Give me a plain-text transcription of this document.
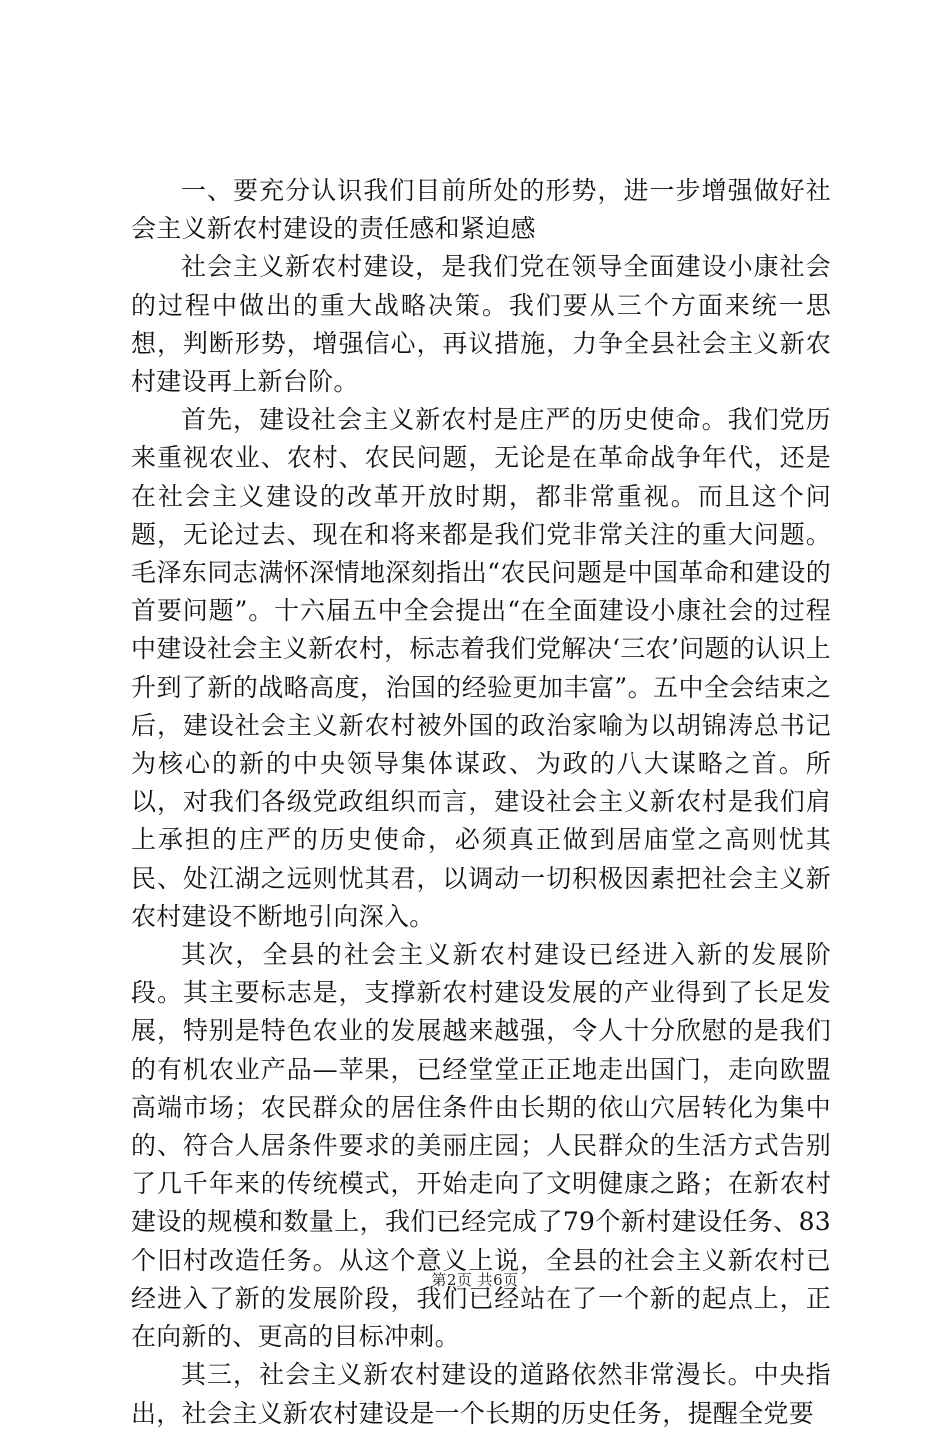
一、要充分认识我们目前所处的形势，进一步增强做好社会主义新农村建设的责任感和紧迫感

社会主义新农村建设，是我们党在领导全面建设小康社会的过程中做出的重大战略决策。我们要从三个方面来统一思想，判断形势，增强信心，再议措施，力争全县社会主义新农村建设再上新台阶。

首先，建设社会主义新农村是庄严的历史使命。我们党历来重视农业、农村、农民问题，无论是在革命战争年代，还是在社会主义建设的改革开放时期，都非常重视。而且这个问题，无论过去、现在和将来都是我们党非常关注的重大问题。毛泽东同志满怀深情地深刻指出“农民问题是中国革命和建设的首要问题”。十六届五中全会提出“在全面建设小康社会的过程中建设社会主义新农村，标志着我们党解决‘三农’问题的认识上升到了新的战略高度，治国的经验更加丰富”。五中全会结束之后，建设社会主义新农村被外国的政治家喻为以胡锦涛总书记为核心的新的中央领导集体谋政、为政的八大谋略之首。所以，对我们各级党政组织而言，建设社会主义新农村是我们肩上承担的庄严的历史使命，必须真正做到居庙堂之高则忧其民、处江湖之远则忧其君，以调动一切积极因素把社会主义新农村建设不断地引向深入。

其次，全县的社会主义新农村建设已经进入新的发展阶段。其主要标志是，支撑新农村建设发展的产业得到了长足发展，特别是特色农业的发展越来越强，令人十分欣慰的是我们的有机农业产品—苹果，已经堂堂正正地走出国门，走向欧盟高端市场；农民群众的居住条件由长期的依山穴居转化为集中的、符合人居条件要求的美丽庄园；人民群众的生活方式告别了几千年来的传统模式，开始走向了文明健康之路；在新农村建设的规模和数量上，我们已经完成了79个新村建设任务、83个旧村改造任务。从这个意义上说，全县的社会主义新农村已经进入了新的发展阶段，我们已经站在了一个新的起点上，正在向新的、更高的目标冲刺。

其三，社会主义新农村建设的道路依然非常漫长。中央指出，社会主义新农村建设是一个长期的历史任务，提醒全党要

第2页 共6页
